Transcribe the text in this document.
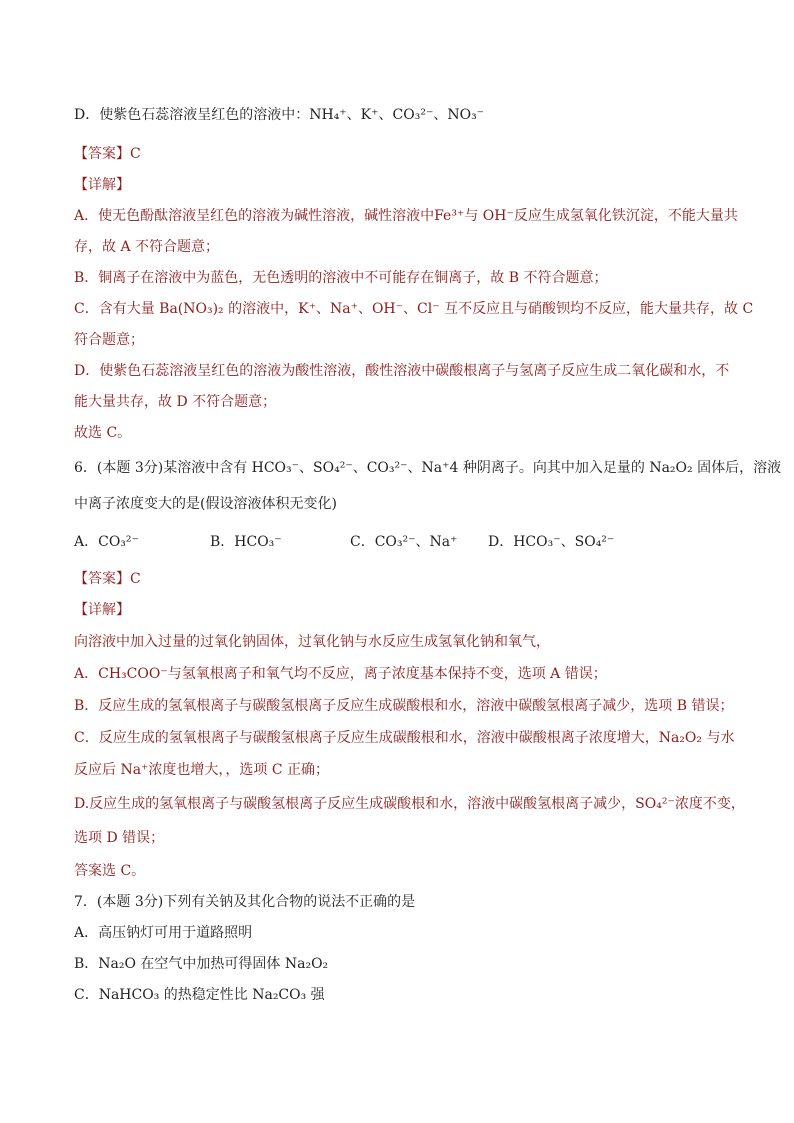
D．使紫色石蕊溶液呈红色的溶液中：NH₄⁺、K⁺、CO₃²⁻、NO₃⁻
【答案】C
【详解】
A．使无色酚酞溶液呈红色的溶液为碱性溶液，碱性溶液中Fe³⁺与 OH⁻反应生成氢氧化铁沉淀，不能大量共
存，故 A 不符合题意；
B．铜离子在溶液中为蓝色，无色透明的溶液中不可能存在铜离子，故 B 不符合题意；
C．含有大量 Ba(NO₃)₂ 的溶液中，K⁺、Na⁺、OH⁻、Cl⁻ 互不反应且与硝酸钡均不反应，能大量共存，故 C
符合题意；
D．使紫色石蕊溶液呈红色的溶液为酸性溶液，酸性溶液中碳酸根离子与氢离子反应生成二氧化碳和水，不
能大量共存，故 D 不符合题意；
故选 C。
6．(本题 3分)某溶液中含有 HCO₃⁻、SO₄²⁻、CO₃²⁻、Na⁺4 种阴离子。向其中加入足量的 Na₂O₂ 固体后，溶液
中离子浓度变大的是(假设溶液体积无变化)
A．CO₃²⁻	B．HCO₃⁻	C．CO₃²⁻、Na⁺ D．HCO₃⁻、SO₄²⁻
【答案】C
【详解】
向溶液中加入过量的过氧化钠固体，过氧化钠与水反应生成氢氧化钠和氧气，
A．CH₃COO⁻与氢氧根离子和氧气均不反应，离子浓度基本保持不变，选项 A 错误；
B．反应生成的氢氧根离子与碳酸氢根离子反应生成碳酸根和水，溶液中碳酸氢根离子减少，选项 B 错误；
C．反应生成的氢氧根离子与碳酸氢根离子反应生成碳酸根和水，溶液中碳酸根离子浓度增大，Na₂O₂ 与水
反应后 Na⁺浓度也增大，，选项 C 正确；
D.反应生成的氢氧根离子与碳酸氢根离子反应生成碳酸根和水，溶液中碳酸氢根离子减少，SO₄²⁻浓度不变，
选项 D 错误；
答案选 C。
7．(本题 3分)下列有关钠及其化合物的说法不正确的是
A．高压钠灯可用于道路照明
B．Na₂O 在空气中加热可得固体 Na₂O₂
C．NaHCO₃ 的热稳定性比 Na₂CO₃ 强
